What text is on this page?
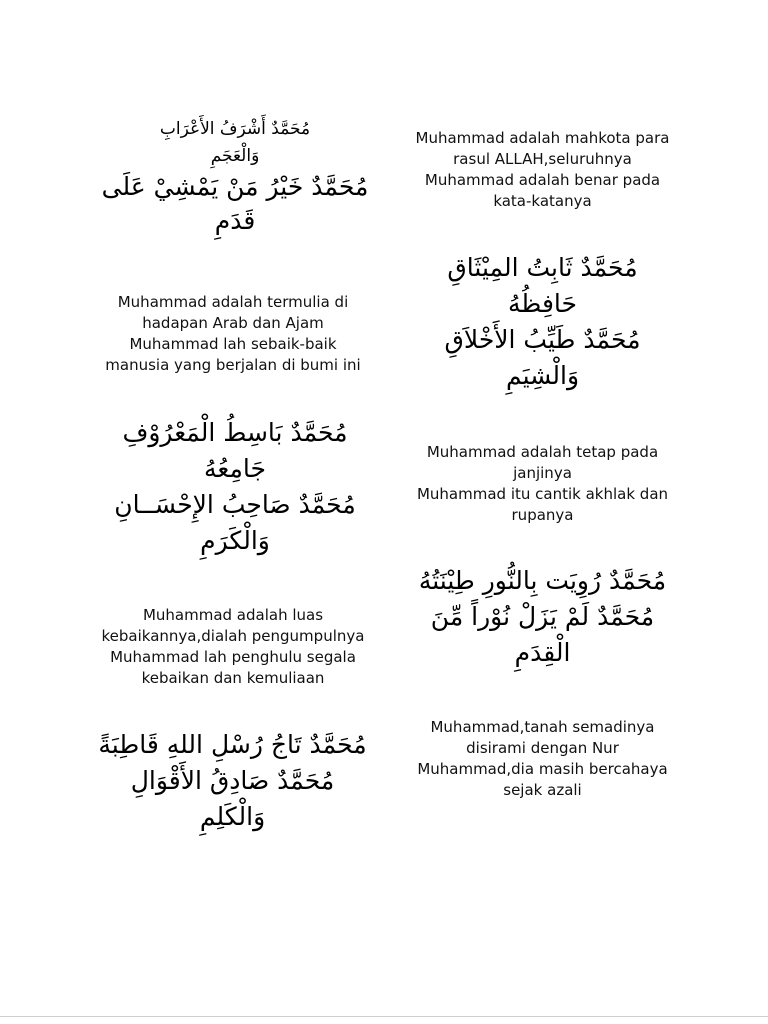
مُحَمَّدٌ أَشْرَفُ الأَعْرَابِ
وَالْعَجَمِ
مُحَمَّدٌ خَيْرُ مَنْ يَمْشِيْ عَلَى
قَدَمِ
Muhammad adalah termulia di
hadapan Arab dan Ajam
Muhammad lah sebaik-baik
manusia yang berjalan di bumi ini
مُحَمَّدٌ بَاسِطُ الْمَعْرُوْفِ
جَامِعُهُ
مُحَمَّدٌ صَاحِبُ الإِحْسَــانِ
وَالْكَرَمِ
Muhammad adalah luas
kebaikannya,dialah pengumpulnya
Muhammad lah penghulu segala
kebaikan dan kemuliaan
مُحَمَّدٌ تَاجُ رُسْلِ اللهِ قَاطِبَةً
مُحَمَّدٌ صَادِقُ الأَقْوَالِ
وَالْكَلِمِ
Muhammad adalah mahkota para
rasul ALLAH,seluruhnya
Muhammad adalah benar pada
kata-katanya
مُحَمَّدٌ ثَابِتُ المِيْثَاقِ
حَافِظُهُ
مُحَمَّدٌ طَيِّبُ الأَخْلاَقِ
وَالْشِيَمِ
Muhammad adalah tetap pada
janjinya
Muhammad itu cantik akhlak dan
rupanya
مُحَمَّدٌ رُوِيَت بِالنُّورِ طِيْنَتُهُ
مُحَمَّدٌ لَمْ يَزَلْ نُوْراً مِّنَ
الْقِدَمِ
Muhammad,tanah semadinya
disirami dengan Nur
Muhammad,dia masih bercahaya
sejak azali
